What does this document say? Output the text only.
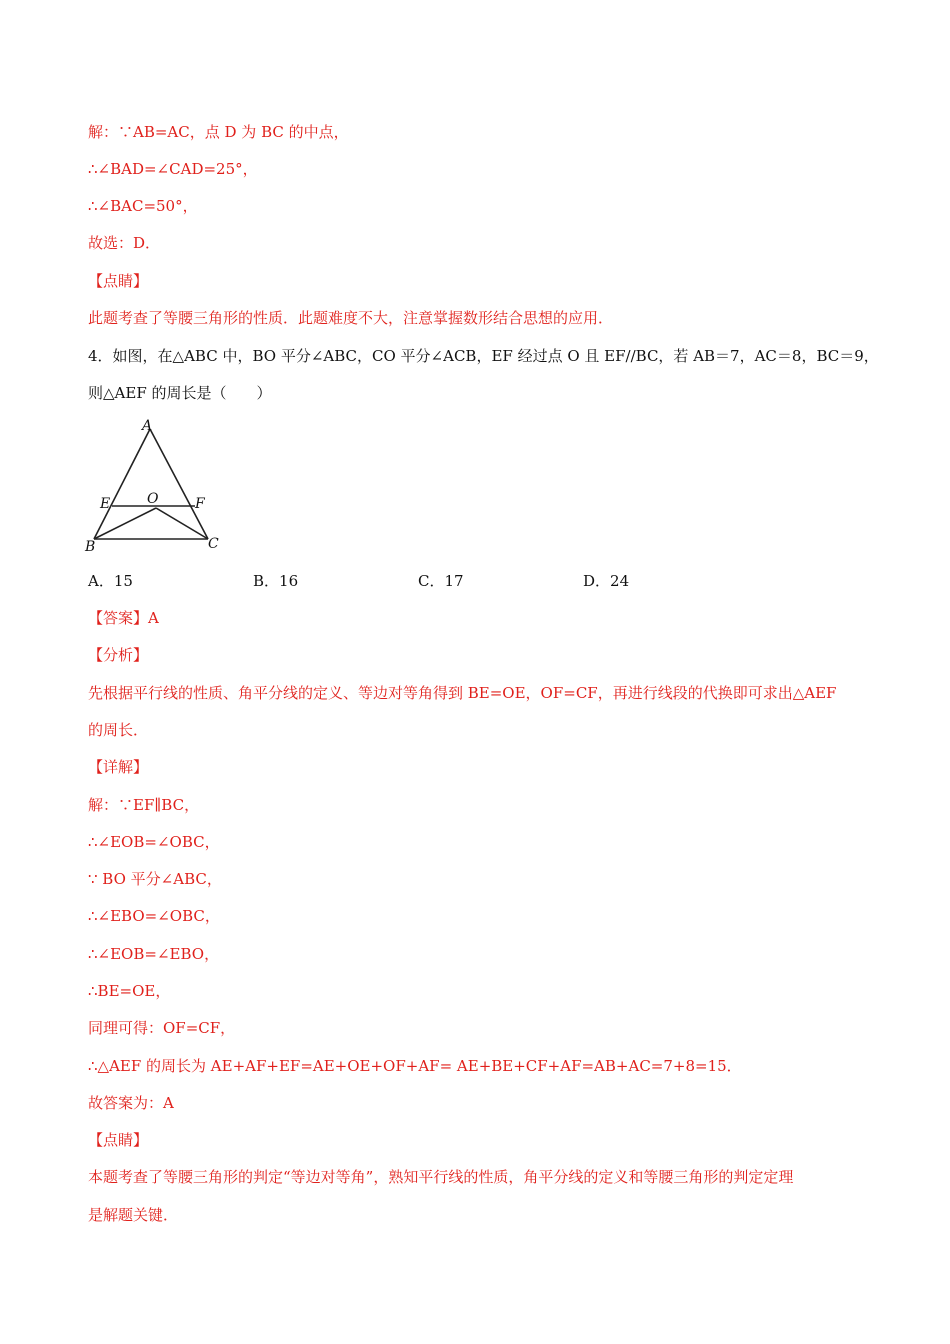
解：∵AB=AC，点 D 为 BC 的中点，
∴∠BAD=∠CAD=25°，
∴∠BAC=50°，
故选：D．
【点睛】
此题考查了等腰三角形的性质．此题难度不大，注意掌握数形结合思想的应用．
4．如图，在△ABC 中，BO 平分∠ABC，CO 平分∠ACB，EF 经过点 O 且 EF//BC，若 AB＝7，AC＝8，BC＝9，
则△AEF 的周长是（　　）
A
E	O	F
B	C
A．15	B．16	C．17	D．24
【答案】A
【分析】
先根据平行线的性质、角平分线的定义、等边对等角得到 BE=OE，OF=CF，再进行线段的代换即可求出△AEF
的周长．
【详解】
解：∵EF∥BC，
∴∠EOB=∠OBC，
∵ BO 平分∠ABC，
∴∠EBO=∠OBC，
∴∠EOB=∠EBO，
∴BE=OE，
同理可得：OF=CF，
∴△AEF 的周长为 AE+AF+EF=AE+OE+OF+AF= AE+BE+CF+AF=AB+AC=7+8=15．
故答案为：A
【点睛】
本题考查了等腰三角形的判定“等边对等角”，熟知平行线的性质，角平分线的定义和等腰三角形的判定定理
是解题关键．
